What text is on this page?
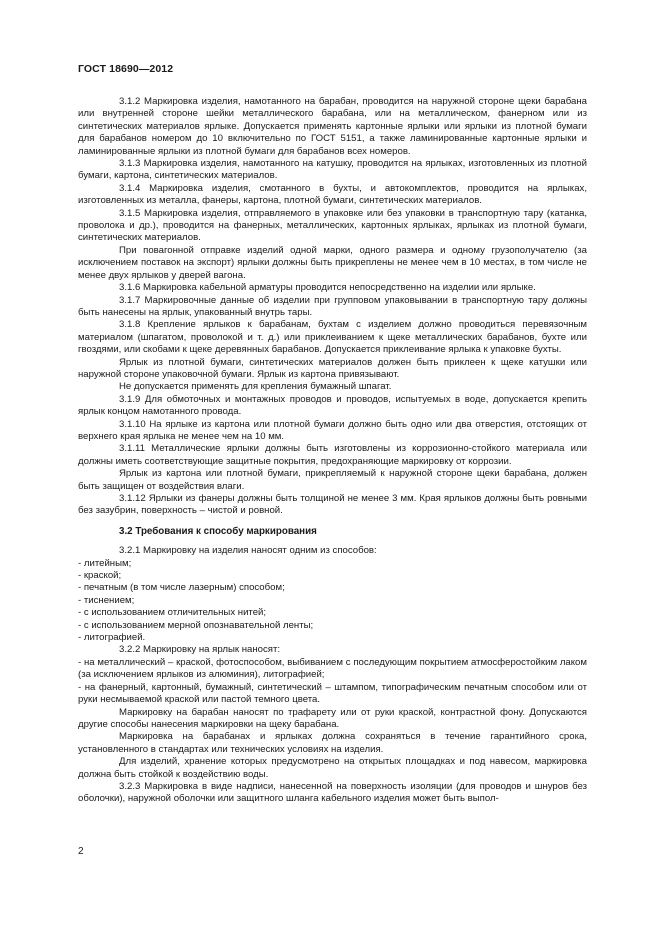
ГОСТ 18690—2012

3.1.2 Маркировка изделия, намотанного на барабан, проводится на наружной стороне щеки барабана или внутренней стороне шейки металлического барабана, или на металлическом, фанерном или из синтетических материалов ярлыке. Допускается применять картонные ярлыки или ярлыки из плотной бумаги для барабанов номером до 10 включительно по ГОСТ 5151, а также ламинированные картонные ярлыки и ламинированные ярлыки из плотной бумаги для барабанов всех номеров.

3.1.3 Маркировка изделия, намотанного на катушку, проводится на ярлыках, изготовленных из плотной бумаги, картона, синтетических материалов.

3.1.4 Маркировка изделия, смотанного в бухты, и автокомплектов, проводится на ярлыках, изготовленных из металла, фанеры, картона, плотной бумаги, синтетических материалов.

3.1.5 Маркировка изделия, отправляемого в упаковке или без упаковки в транспортную тару (катанка, проволока и др.), проводится на фанерных, металлических, картонных ярлыках, ярлыках из плотной бумаги, синтетических материалов.

При повагонной отправке изделий одной марки, одного размера и одному грузополучателю (за исключением поставок на экспорт) ярлыки должны быть прикреплены не менее чем в 10 местах, в том числе не менее двух ярлыков у дверей вагона.

3.1.6 Маркировка кабельной арматуры проводится непосредственно на изделии или ярлыке.

3.1.7 Маркировочные данные об изделии при групповом упаковывании в транспортную тару должны быть нанесены на ярлык, упакованный внутрь тары.

3.1.8 Крепление ярлыков к барабанам, бухтам с изделием должно проводиться перевязочным материалом (шпагатом, проволокой и т. д.) или приклеиванием к щеке металлических барабанов, бухте или гвоздями, или скобами к щеке деревянных барабанов. Допускается приклеивание ярлыка к упаковке бухты.

Ярлык из плотной бумаги, синтетических материалов должен быть приклеен к щеке катушки или наружной стороне упаковочной бумаги. Ярлык из картона привязывают.

Не допускается применять для крепления бумажный шпагат.

3.1.9 Для обмоточных и монтажных проводов и проводов, испытуемых в воде, допускается крепить ярлык концом намотанного провода.

3.1.10 На ярлыке из картона или плотной бумаги должно быть одно или два отверстия, отстоящих от верхнего края ярлыка не менее чем на 10 мм.

3.1.11 Металлические ярлыки должны быть изготовлены из коррозионно-стойкого материала или должны иметь соответствующие защитные покрытия, предохраняющие маркировку от коррозии.

Ярлык из картона или плотной бумаги, прикрепляемый к наружной стороне щеки барабана, должен быть защищен от воздействия влаги.

3.1.12 Ярлыки из фанеры должны быть толщиной не менее 3 мм. Края ярлыков должны быть ровными без зазубрин, поверхность – чистой и ровной.

3.2 Требования к способу маркирования

3.2.1 Маркировку на изделия наносят одним из способов:

- литейным;

- краской;

- печатным (в том числе лазерным) способом;

- тиснением;

- с использованием отличительных нитей;

- с использованием мерной опознавательной ленты;

- литографией.

3.2.2 Маркировку на ярлык наносят:

- на металлический – краской, фотоспособом, выбиванием с последующим покрытием атмосферостойким лаком (за исключением ярлыков из алюминия), литографией;

- на фанерный, картонный, бумажный, синтетический – штампом, типографическим печатным способом или от руки несмываемой краской или пастой темного цвета.

Маркировку на барабан наносят по трафарету или от руки краской, контрастной фону. Допускаются другие способы нанесения маркировки на щеку барабана.

Маркировка на барабанах и ярлыках должна сохраняться в течение гарантийного срока, установленного в стандартах или технических условиях на изделия.

Для изделий, хранение которых предусмотрено на открытых площадках и под навесом, маркировка должна быть стойкой к воздействию воды.

3.2.3 Маркировка в виде надписи, нанесенной на поверхность изоляции (для проводов и шнуров без оболочки), наружной оболочки или защитного шланга кабельного изделия может быть выпол-

2
